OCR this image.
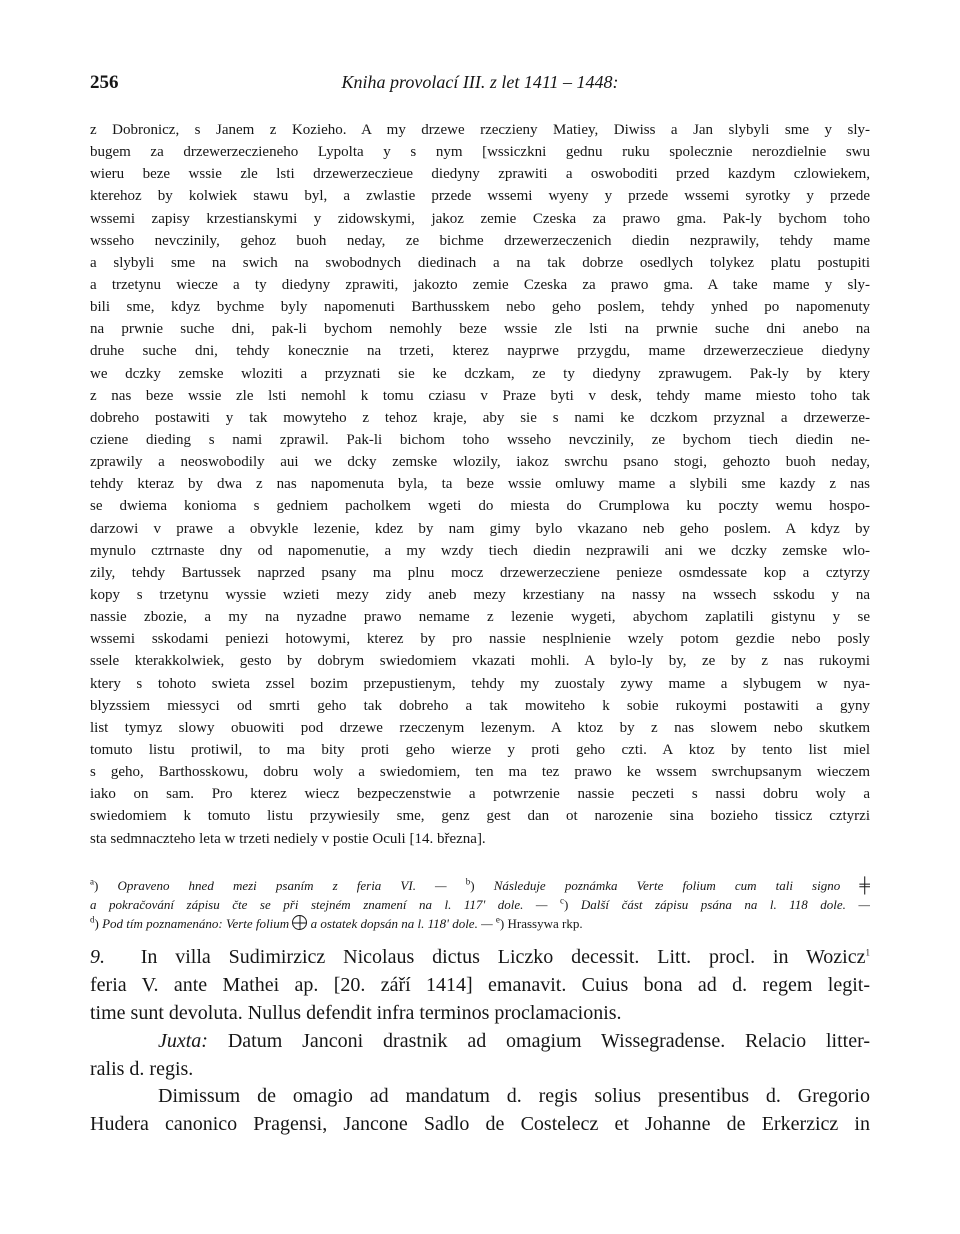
256	Kniha provolací III. z let 1411 – 1448:
z Dobronicz, s Janem z Kozieho. A my drzewe rzeczieny Matiey, Diwiss a Jan slybyli sme y sly-
bugem za drzewerzeczieneho Lypolta y s nym [wssiczkni gednu ruku spolecznie nerozdielnie swu
wieru beze wssie zle lsti drzewerzeczieue diedyny zprawiti a oswoboditi przed kazdym czlowiekem,
kterehoz by kolwiek stawu byl, a zwlastie przede wssemi wyeny y przede wssemi syrotky y przede
wssemi zapisy krzestianskymi y zidowskymi, jakoz zemie Czeska za prawo gma. Pak-ly bychom toho
wsseho nevczinily, gehoz buoh neday, ze bichme drzewerzeczenich diedin nezprawily, tehdy mame
a slybyli sme na swich na swobodnych diedinach a na tak dobrze osedlych tolykez platu postupiti
a trzetynu wiecze a ty diedyny zprawiti, jakozto zemie Czeska za prawo gma. A take mame y sly-
bili sme, kdyz bychme byly napomenuti Barthusskem nebo geho poslem, tehdy ynhed po napomenuty
na prwnie suche dni, pak-li bychom nemohly beze wssie zle lsti na prwnie suche dni anebo na
druhe suche dni, tehdy konecznie na trzeti, kterez nayprwe przygdu, mame drzewerzeczieue diedyny
we dczky zemske wloziti a przyznati sie ke dczkam, ze ty diedyny zprawugem. Pak-ly by ktery
z nas beze wssie zle lsti nemohl k tomu cziasu v Praze byti v desk, tehdy mame miesto toho tak
dobreho postawiti y tak mowyteho z tehoz kraje, aby sie s nami ke dczkom przyznal a drzewerze-
cziene dieding s nami zprawil. Pak-li bichom toho wsseho nevczinily, ze bychom tiech diedin ne-
zprawily a neoswobodily aui we dcky zemske wlozily, iakoz swrchu psano stogi, gehozto buoh neday,
tehdy kteraz by dwa z nas napomenuta byla, ta beze wssie omluwy mame a slybili sme kazdy z nas
se dwiema konioma s gedniem pacholkem wgeti do miesta do Crumplowa ku poczty wemu hospo-
darzowi v prawe a obvykle lezenie, kdez by nam gimy bylo vkazano neb geho poslem. A kdyz by
mynulo cztrnaste dny od napomenutie, a my wzdy tiech diedin nezprawili ani we dczky zemske wlo-
zily, tehdy Bartussek naprzed psany ma plnu mocz drzewerzecziene penieze osmdessate kop a cztyrzy
kopy s trzetynu wyssie wzieti mezy zidy aneb mezy krzestiany na nassy na wssech sskodu y na
nassie zbozie, a my na nyzadne prawo nemame z lezenie wygeti, abychom zaplatili gistynu y se
wssemi sskodami peniezi hotowymi, kterez by pro nassie nesplnienie wzely potom gezdie nebo posly
ssele kterakkolwiek, gesto by dobrym swiedomiem vkazati mohli. A bylo-ly by, ze by z nas rukoymi
ktery s tohoto swieta zssel bozim przepustienym, tehdy my zuostaly zywy mame a slybugem w nya-
blyzssiem miessyci od smrti geho tak dobreho a tak mowiteho k sobie rukoymi postawiti a gyny
list tymyz slowy obuowiti pod drzewe rzeczenym lezenym. A ktoz by z nas slowem nebo skutkem
tomuto listu protiwil, to ma bity proti geho wierze y proti geho czti. A ktoz by tento list miel
s geho, Barthosskowu, dobru woly a swiedomiem, ten ma tez prawo ke wssem swrchupsanym wieczem
iako on sam. Pro kterez wiecz bezpeczenstwie a potwrzenie nassie peczeti s nassi dobru woly a
swiedomiem k tomuto listu przywiesily sme, genz gest dan ot narozenie sina bozieho tissicz cztyrzi
sta sedmnaczteho leta w trzeti nediely v postie Oculi [14. března].
$^a$) Opraveno hned mezi psaním z feria VI. — $^b$) Následuje poznámka Verte folium cum tali signo ╪
a pokračování zápisu čte se při stejném znamení na l. 117' dole. — $^c$) Další část zápisu psána na l. 118 dole. —
$^d$) Pod tím poznamenáno: Verte folium a ostatek dopsán na l. 118' dole. — $^e$) Hrassywa rkp.
9. In villa Sudimirzicz Nicolaus dictus Liczko decessit. Litt. procl. in Wozicz$^1$
feria V. ante Mathei ap. [20. září 1414] emanavit. Cuius bona ad d. regem legit-
time sunt devoluta. Nullus defendit infra terminos proclamacionis.
Juxta: Datum Janconi drastnik ad omagium Wissegradense. Relacio litter-
ralis d. regis.
Dimissum de omagio ad mandatum d. regis solius presentibus d. Gregorio
Hudera canonico Pragensi, Jancone Sadlo de Costelecz et Johanne de Erkerzicz in
